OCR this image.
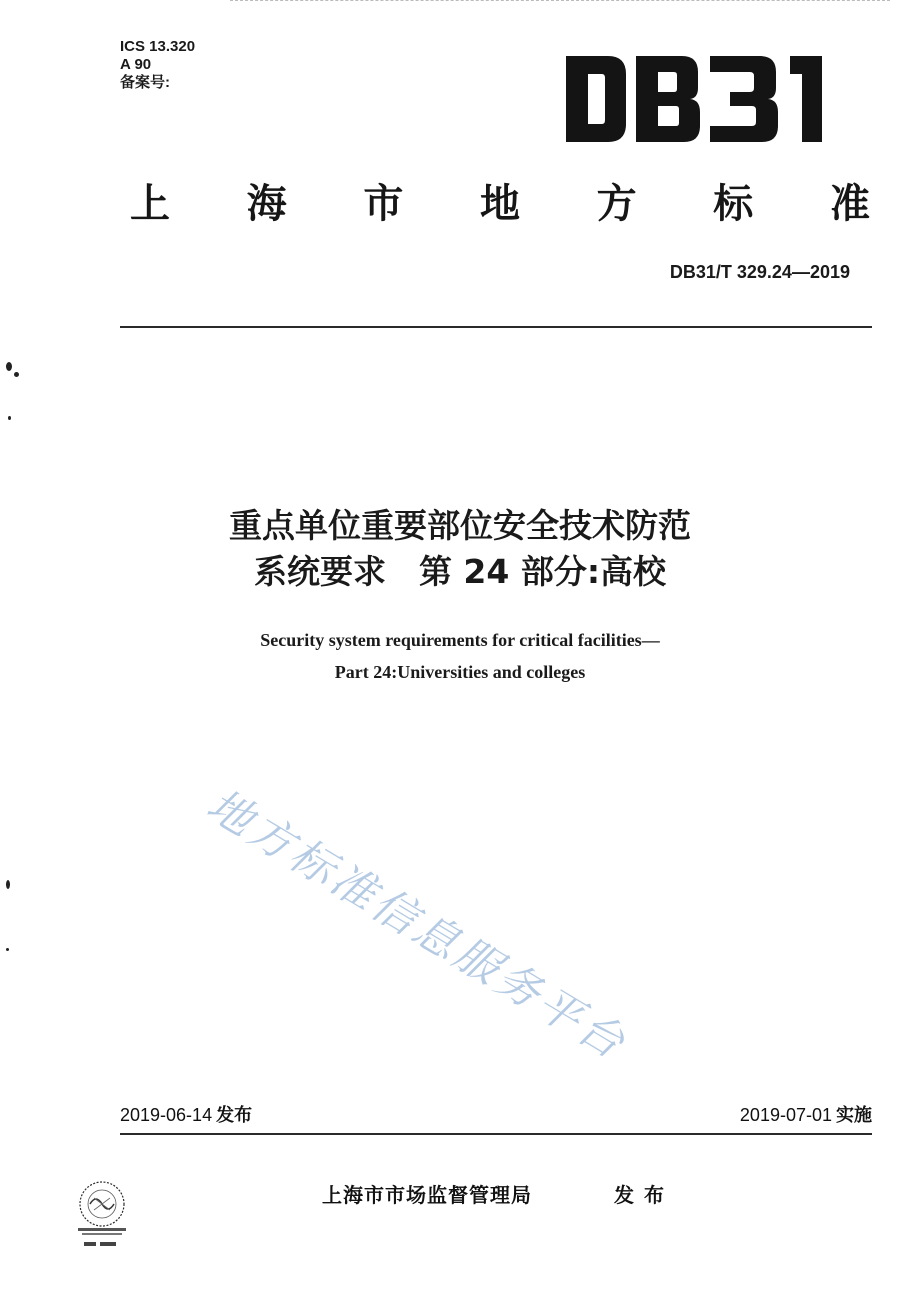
ICS 13.320
A 90
备案号:
DB31
上 海 市 地 方 标 准
DB31/T 329.24—2019
重点单位重要部位安全技术防范
系统要求　第 24 部分:高校
Security system requirements for critical facilities—
Part 24:Universities and colleges
地方标准信息服务平台
2019-06-14 发布	2019-07-01 实施
上海市市场监督管理局	发布
